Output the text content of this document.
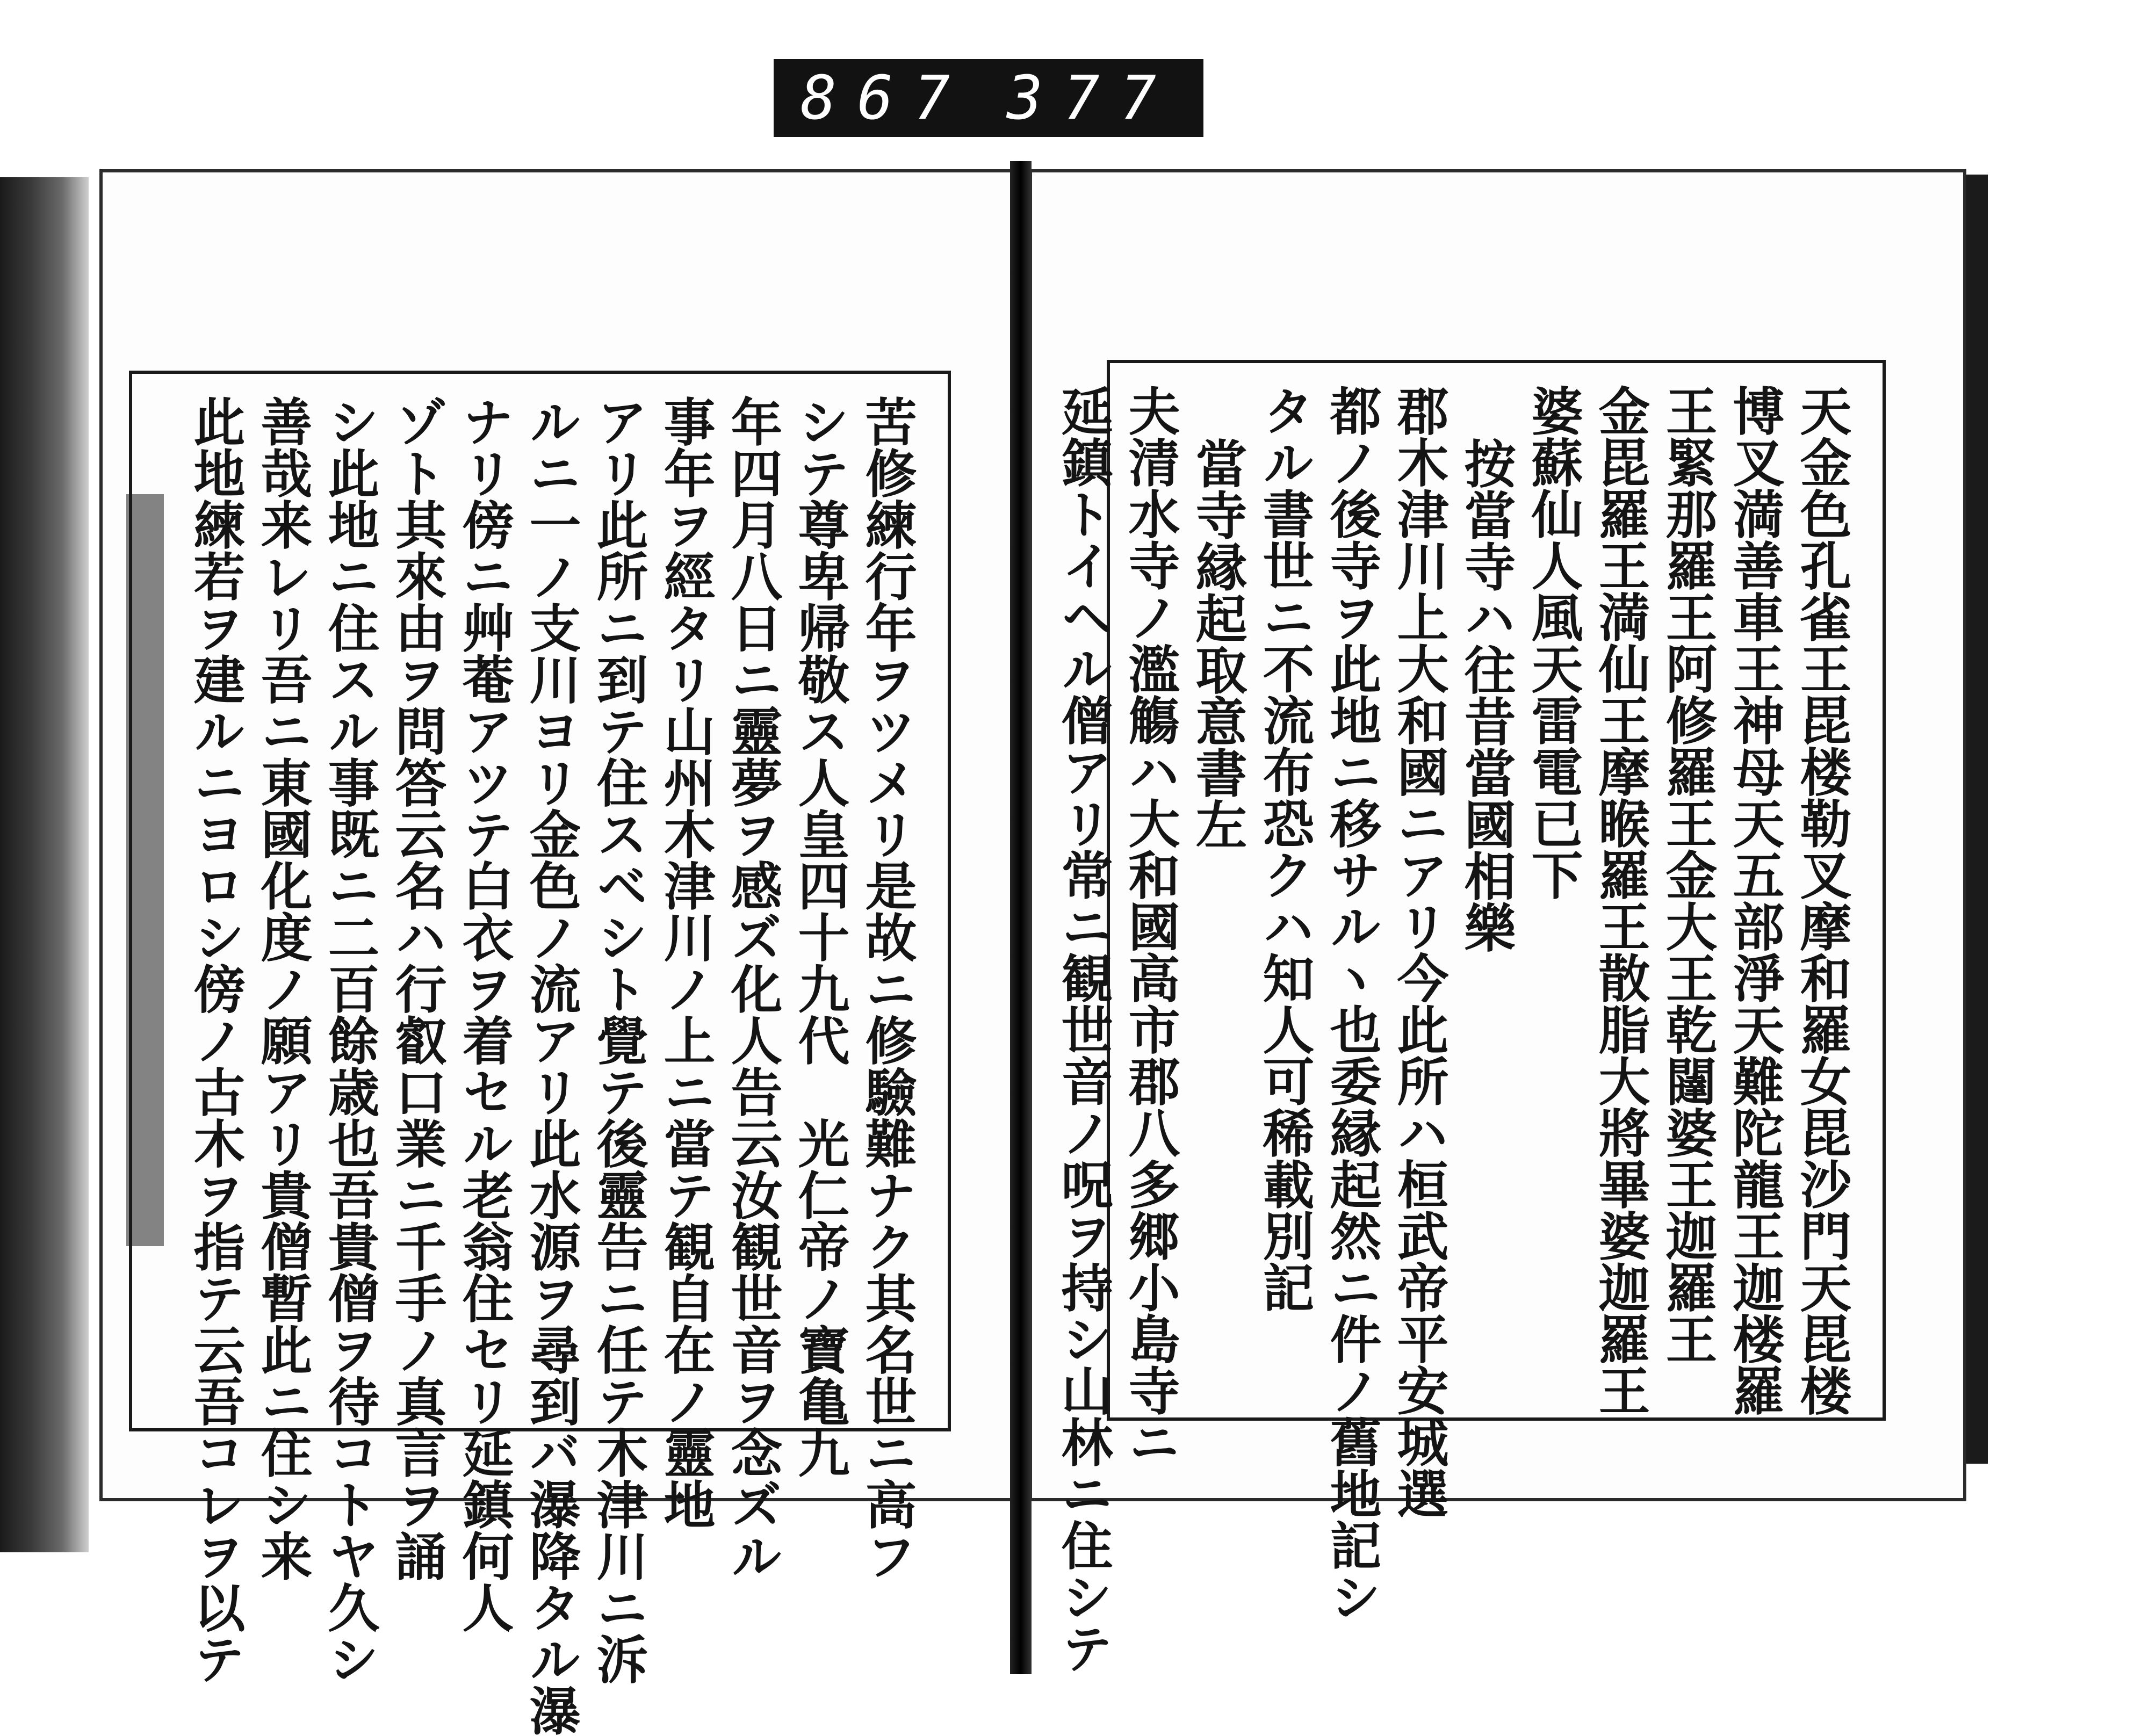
867 377
苦修練行年ヲツメリ是故ニ修驗難ナク其名世ニ高フ
シテ尊卑帰敬ス人皇四十九代　光仁帝ノ寶亀九
年四月八日ニ靈夢ヲ感ズ化人告云汝観世音ヲ念ズル
事年ヲ經タリ山州木津川ノ上ニ當テ観自在ノ靈地
アリ此所ニ到テ住スベシト覺テ後靈告ニ任テ木津川ニ泝
ルニ一ノ支川ヨリ金色ノ流アリ此水源ヲ尋到バ瀑降タル瀑
ナリ傍ニ艸菴アツテ白衣ヲ着セル老翁住セリ延鎮何人
ゾト其來由ヲ問答云名ハ行叡口業ニ千手ノ真言ヲ誦
シ此地ニ住スル事既ニ二百餘歳也吾貴僧ヲ待コトヤ久シ
善哉来レリ吾ニ東國化度ノ願アリ貴僧暫此ニ住シ来
此地練若ヲ建ルニヨロシ傍ノ古木ヲ指テ云吾コレヲ以テ	天金色孔雀王毘楼勒叉摩和羅女毘沙門天毘楼
博叉満善車王神母天五部淨天難陀龍王迦楼羅
王緊那羅王阿修羅王金大王乾闥婆王迦羅王
金毘羅王満仙王摩睺羅王散脂大將畢婆迦羅王
婆蘇仙人風天雷電已下

按當寺ハ往昔當國相樂
郡木津川上大和國ニアリ今此所ハ桓武帝平安城選
都ノ後寺ヲ此地ニ移サルヽ也委縁起然ニ件ノ舊地記シ
タル書世ニ不流布恐クハ知人可稀載別記

當寺縁起取意書左
夫清水寺ノ濫觴ハ大和國高市郡八多郷小島寺ニ
延鎮トイヘル僧アリ常ニ観世音ノ呪ヲ持シ山林ニ住シテ
